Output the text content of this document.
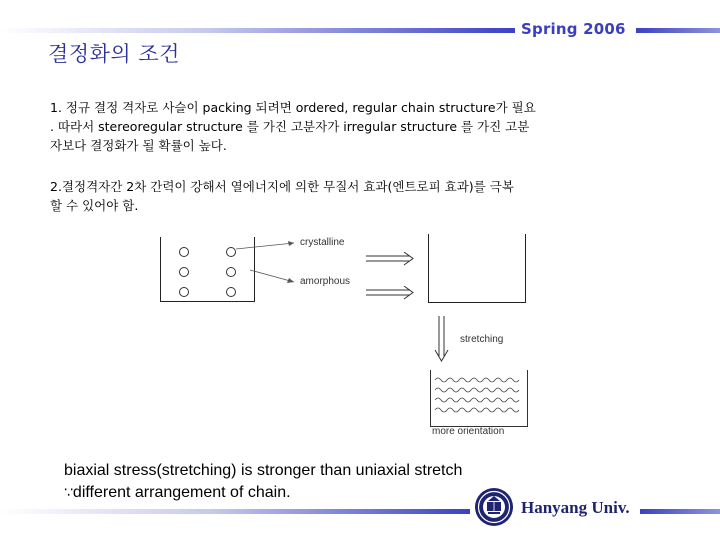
Spring 2006
결정화의 조건
1. 정규 결정 격자로 사슬이 packing 되려면 ordered, regular chain structure가 필요
. 따라서 stereoregular structure 를 가진 고분자가 irregular structure 를 가진 고분
자보다 결정화가 될 확률이 높다.
2.결정격자간 2차 간력이 강해서 열에너지에 의한 무질서 효과(엔트로피 효과)를 극복
할 수 있어야 함.
crystalline
amorphous
stretching
more orientation
biaxial stress(stretching) is stronger than uniaxial stretch
∵different arrangement of chain.
Hanyang Univ.
